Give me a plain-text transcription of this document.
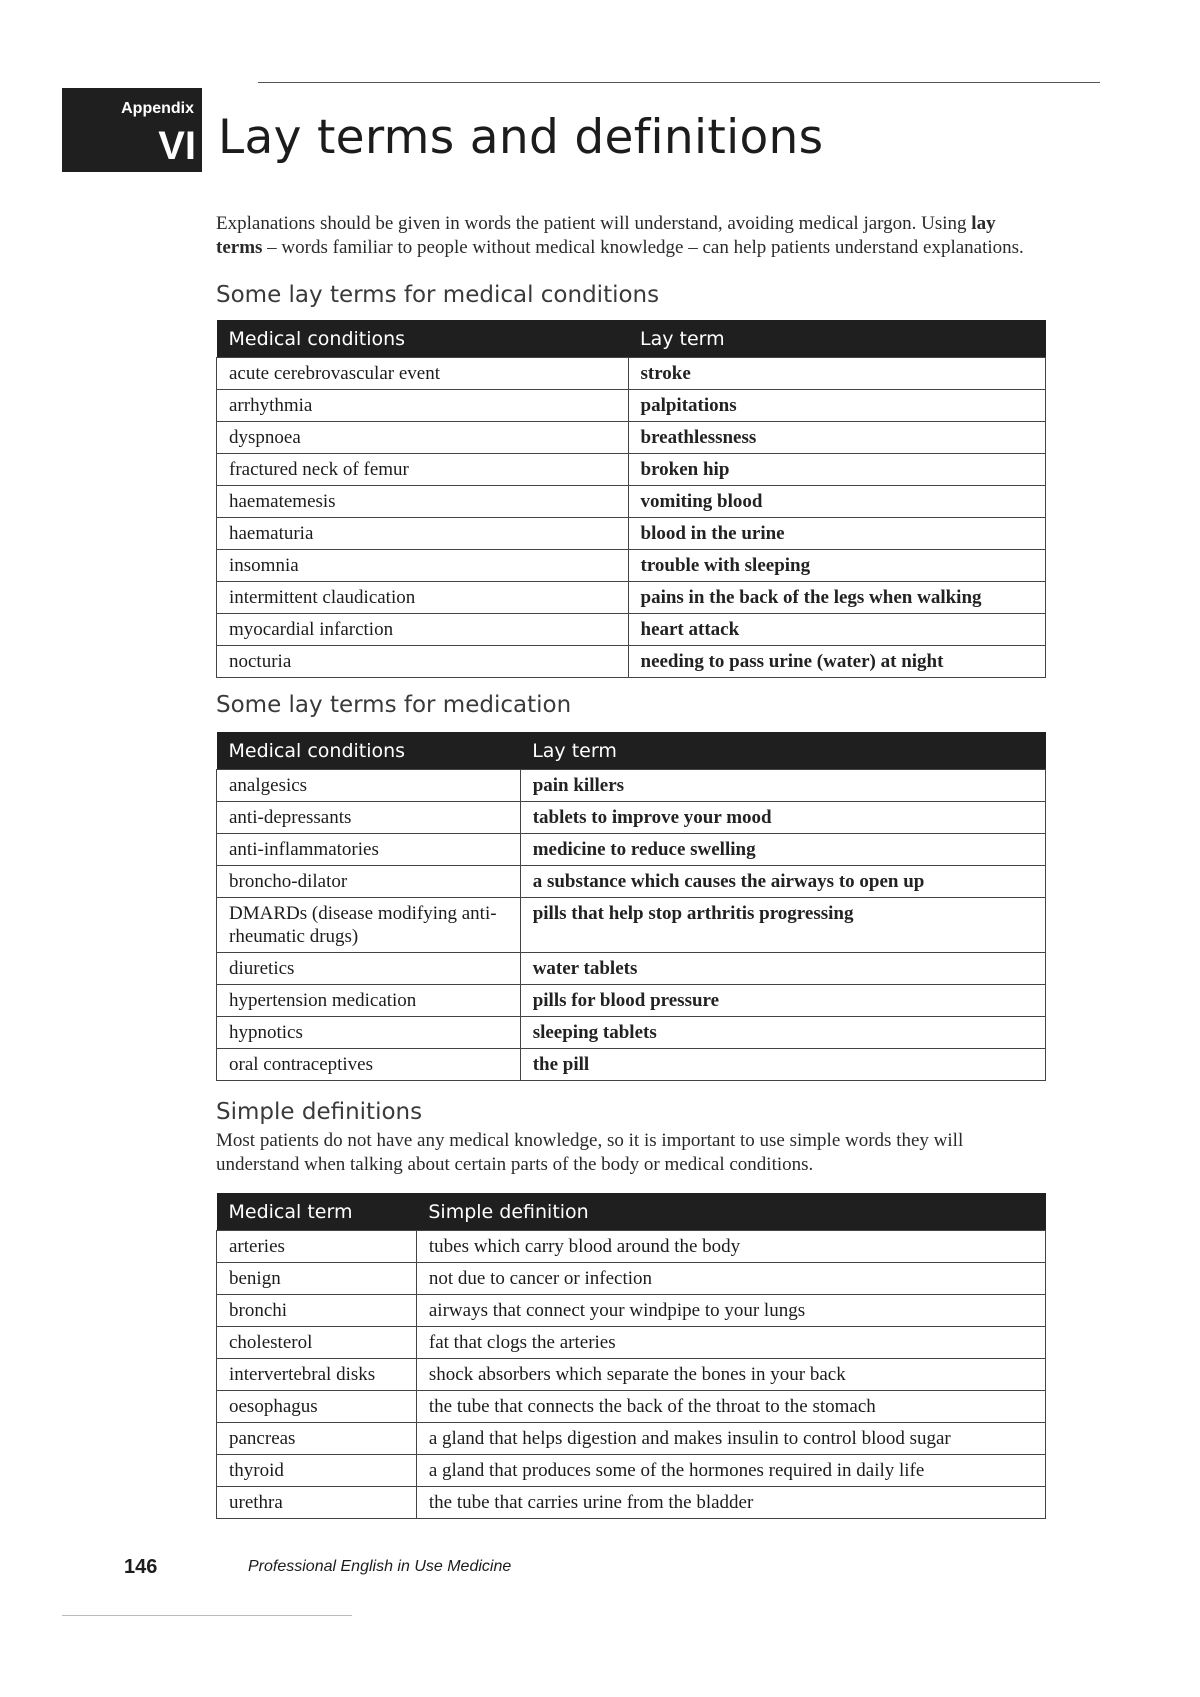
Appendix
VI Lay terms and definitions

Explanations should be given in words the patient will understand, avoiding medical jargon. Using lay terms – words familiar to people without medical knowledge – can help patients understand explanations.

Some lay terms for medical conditions
Medical conditions	Lay term
acute cerebrovascular event	stroke
arrhythmia	palpitations
dyspnoea	breathlessness
fractured neck of femur	broken hip
haematemesis	vomiting blood
haematuria	blood in the urine
insomnia	trouble with sleeping
intermittent claudication	pains in the back of the legs when walking
myocardial infarction	heart attack
nocturia	needing to pass urine (water) at night
Some lay terms for medication
Medical conditions	Lay term
analgesics	pain killers
anti-depressants	tablets to improve your mood
anti-inflammatories	medicine to reduce swelling
broncho-dilator	a substance which causes the airways to open up
DMARDs (disease modifying anti-rheumatic drugs)	pills that help stop arthritis progressing
diuretics	water tablets
hypertension medication	pills for blood pressure
hypnotics	sleeping tablets
oral contraceptives	the pill
Simple definitions

Most patients do not have any medical knowledge, so it is important to use simple words they will understand when talking about certain parts of the body or medical conditions.

Medical term	Simple definition
arteries	tubes which carry blood around the body
benign	not due to cancer or infection
bronchi	airways that connect your windpipe to your lungs
cholesterol	fat that clogs the arteries
intervertebral disks	shock absorbers which separate the bones in your back
oesophagus	the tube that connects the back of the throat to the stomach
pancreas	a gland that helps digestion and makes insulin to control blood sugar
thyroid	a gland that produces some of the hormones required in daily life
urethra	the tube that carries urine from the bladder
146	Professional English in Use Medicine
